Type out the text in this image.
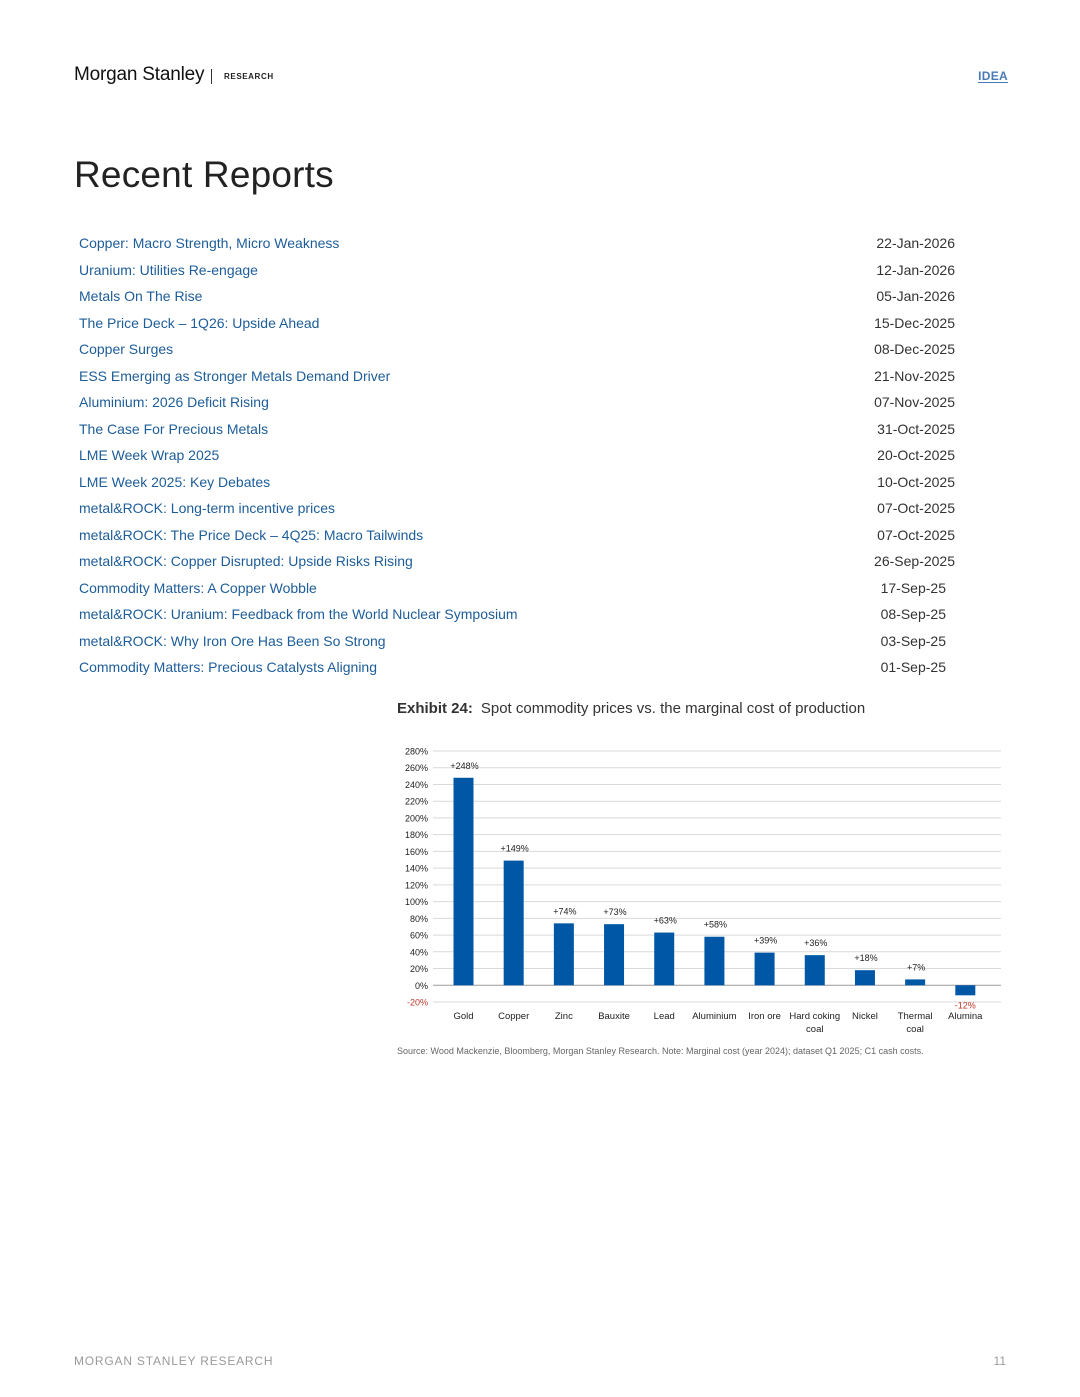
Morgan Stanley RESEARCH	IDEA
Recent Reports
Copper: Macro Strength, Micro Weakness	22-Jan-2026
Uranium: Utilities Re-engage	12-Jan-2026
Metals On The Rise	05-Jan-2026
The Price Deck – 1Q26: Upside Ahead	15-Dec-2025
Copper Surges	08-Dec-2025
ESS Emerging as Stronger Metals Demand Driver	21-Nov-2025
Aluminium: 2026 Deficit Rising	07-Nov-2025
The Case For Precious Metals	31-Oct-2025
LME Week Wrap 2025	20-Oct-2025
LME Week 2025: Key Debates	10-Oct-2025
metal&ROCK: Long-term incentive prices	07-Oct-2025
metal&ROCK: The Price Deck – 4Q25: Macro Tailwinds	07-Oct-2025
metal&ROCK: Copper Disrupted: Upside Risks Rising	26-Sep-2025
Commodity Matters: A Copper Wobble	17-Sep-25
metal&ROCK: Uranium: Feedback from the World Nuclear Symposium	08-Sep-25
metal&ROCK: Why Iron Ore Has Been So Strong	03-Sep-25
Commodity Matters: Precious Catalysts Aligning	01-Sep-25
Exhibit 24: Spot commodity prices vs. the marginal cost of production
280%
260%
240%
220%
200%
180%
160%
140%
120%
100%
80%
60%
40%
20%
0%
-20%
+248%
Gold
+149%
Copper
+74%
Zinc
+73%
Bauxite
+63%
Lead
+58%
Aluminium
+39%
Iron ore
+36%
Hard coking
coal
+18%
Nickel
+7%
Thermal
coal
-12%
Alumina
Source: Wood Mackenzie, Bloomberg, Morgan Stanley Research. Note: Marginal cost (year 2024); dataset Q1 2025; C1 cash costs.
MORGAN STANLEY RESEARCH	11
